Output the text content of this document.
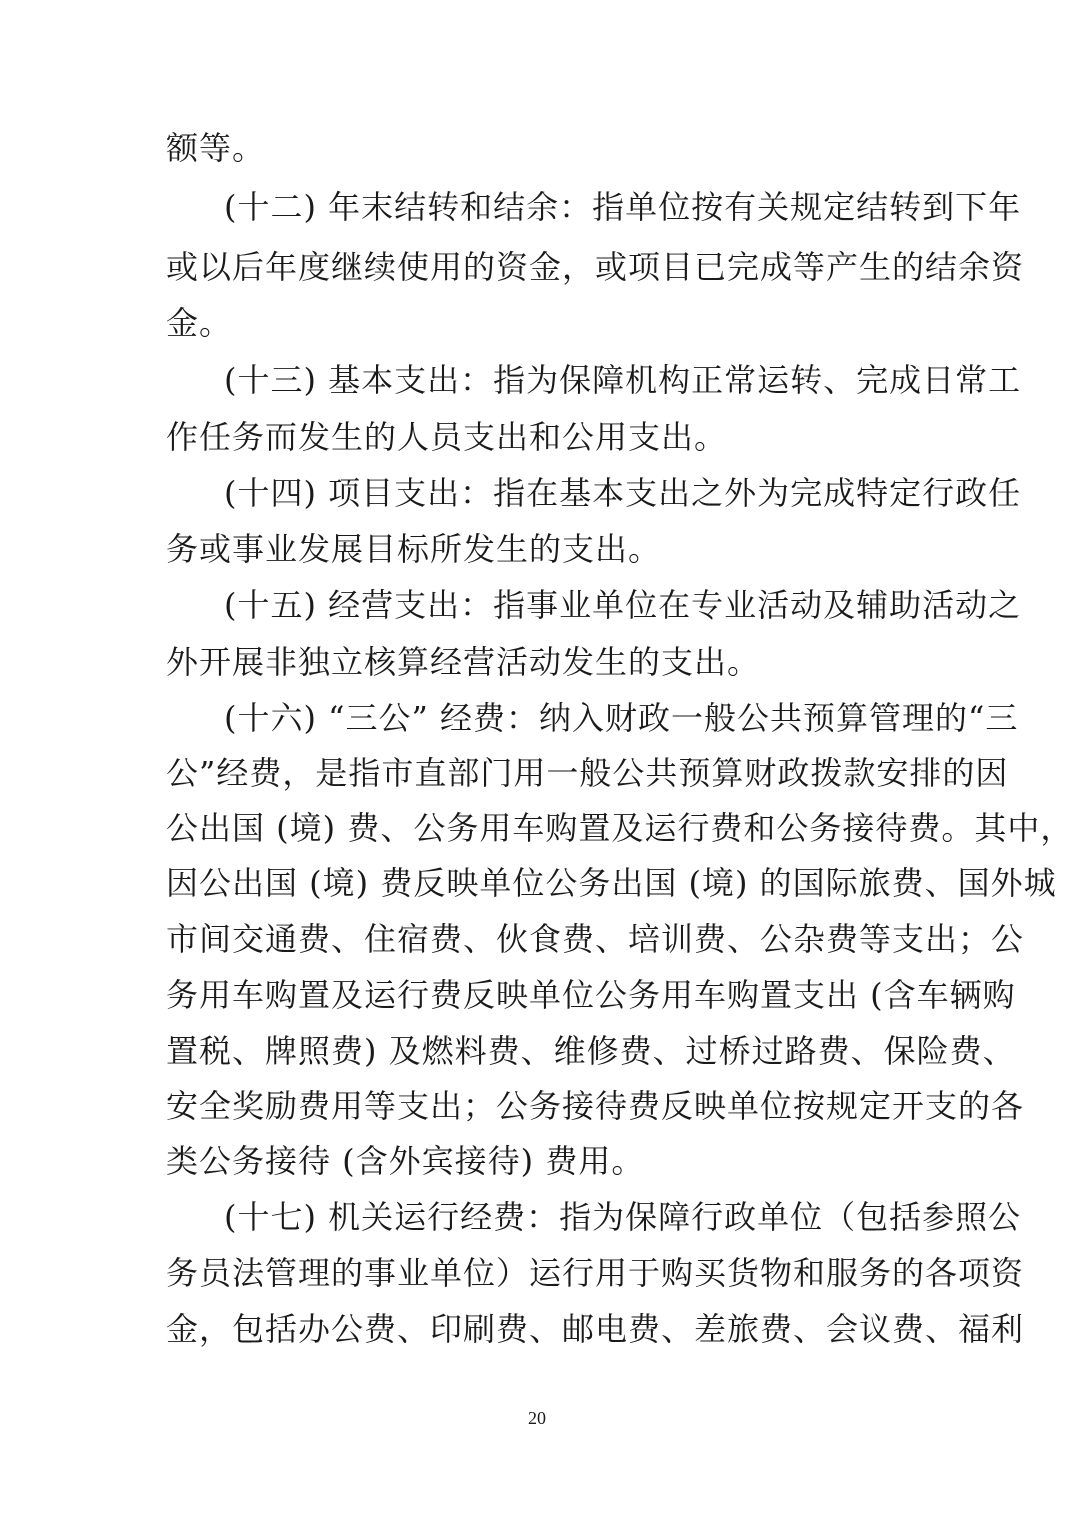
额等。
(十二) 年末结转和结余：指单位按有关规定结转到下年
或以后年度继续使用的资金，或项目已完成等产生的结余资
金。
(十三) 基本支出：指为保障机构正常运转、完成日常工
作任务而发生的人员支出和公用支出。
(十四) 项目支出：指在基本支出之外为完成特定行政任
务或事业发展目标所发生的支出。
(十五) 经营支出：指事业单位在专业活动及辅助活动之
外开展非独立核算经营活动发生的支出。
(十六) “三公” 经费：纳入财政一般公共预算管理的“三
公”经费，是指市直部门用一般公共预算财政拨款安排的因
公出国 (境) 费、公务用车购置及运行费和公务接待费。其中，
因公出国 (境) 费反映单位公务出国 (境) 的国际旅费、国外城
市间交通费、住宿费、伙食费、培训费、公杂费等支出；公
务用车购置及运行费反映单位公务用车购置支出 (含车辆购
置税、牌照费) 及燃料费、维修费、过桥过路费、保险费、
安全奖励费用等支出；公务接待费反映单位按规定开支的各
类公务接待 (含外宾接待) 费用。
(十七) 机关运行经费：指为保障行政单位（包括参照公
务员法管理的事业单位）运行用于购买货物和服务的各项资
金，包括办公费、印刷费、邮电费、差旅费、会议费、福利
20
